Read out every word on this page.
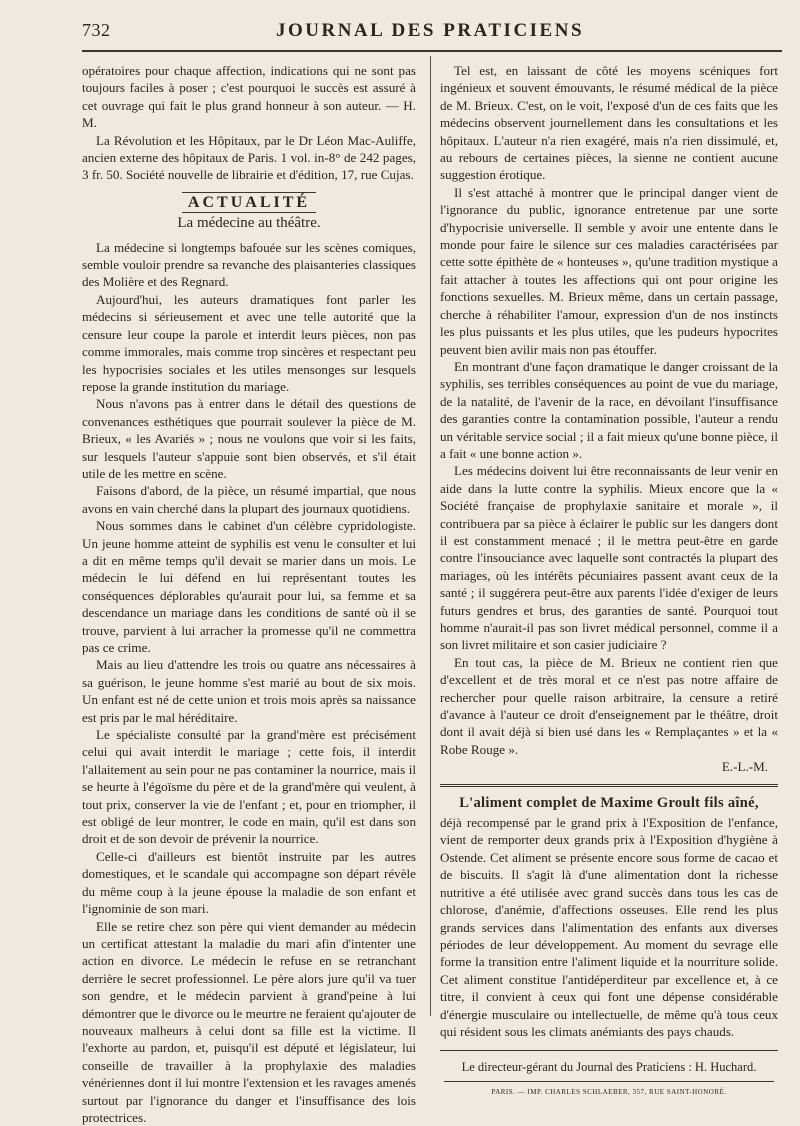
732	JOURNAL DES PRATICIENS

opératoires pour chaque affection, indications qui ne sont pas toujours faciles à poser ; c'est pourquoi le succès est assuré à cet ouvrage qui fait le plus grand honneur à son auteur. — H. M.

La Révolution et les Hôpitaux, par le Dr Léon Mac-Auliffe, ancien externe des hôpitaux de Paris. 1 vol. in-8° de 242 pages, 3 fr. 50. Société nouvelle de librairie et d'édition, 17, rue Cujas.

ACTUALITÉ
La médecine au théâtre.

La médecine si longtemps bafouée sur les scènes comiques, semble vouloir prendre sa revanche des plaisanteries classiques des Molière et des Regnard.

Aujourd'hui, les auteurs dramatiques font parler les médecins si sérieusement et avec une telle autorité que la censure leur coupe la parole et interdit leurs pièces, non pas comme immorales, mais comme trop sincères et respectant peu les hypocrisies sociales et les utiles mensonges sur lesquels repose la grande institution du mariage.

Nous n'avons pas à entrer dans le détail des questions de convenances esthétiques que pourrait soulever la pièce de M. Brieux, « les Avariés » ; nous ne voulons que voir si les faits, sur lesquels l'auteur s'appuie sont bien observés, et s'il était utile de les mettre en scène.

Faisons d'abord, de la pièce, un résumé impartial, que nous avons en vain cherché dans la plupart des journaux quotidiens.

Nous sommes dans le cabinet d'un célèbre cypridologiste. Un jeune homme atteint de syphilis est venu le consulter et lui a dit en même temps qu'il devait se marier dans un mois. Le médecin le lui défend en lui représentant toutes les conséquences déplorables qu'aurait pour lui, sa femme et sa descendance un mariage dans les conditions de santé où il se trouve, parvient à lui arracher la promesse qu'il ne commettra pas ce crime.

Mais au lieu d'attendre les trois ou quatre ans nécessaires à sa guérison, le jeune homme s'est marié au bout de six mois. Un enfant est né de cette union et trois mois après sa naissance est pris par le mal héréditaire.

Le spécialiste consulté par la grand'mère est précisément celui qui avait interdit le mariage ; cette fois, il interdit l'allaitement au sein pour ne pas contaminer la nourrice, mais il se heurte à l'égoïsme du père et de la grand'mère qui veulent, à tout prix, conserver la vie de l'enfant ; et, pour en triompher, il est obligé de leur montrer, le code en main, qu'il est dans son droit et de son devoir de prévenir la nourrice.

Celle-ci d'ailleurs est bientôt instruite par les autres domestiques, et le scandale qui accompagne son départ révèle du même coup à la jeune épouse la maladie de son enfant et l'ignominie de son mari.

Elle se retire chez son père qui vient demander au médecin un certificat attestant la maladie du mari afin d'intenter une action en divorce. Le médecin le refuse en se retranchant derrière le secret professionnel. Le père alors jure qu'il va tuer son gendre, et le médecin parvient à grand'peine à lui démontrer que le divorce ou le meurtre ne feraient qu'ajouter de nouveaux malheurs à celui dont sa fille est la victime. Il l'exhorte au pardon, et, puisqu'il est député et législateur, lui conseille de travailler à la prophylaxie des maladies vénériennes dont il lui montre l'extension et les ravages amenés surtout par l'ignorance du danger et l'insuffisance des lois protectrices.

Tel est, en laissant de côté les moyens scéniques fort ingénieux et souvent émouvants, le résumé médical de la pièce de M. Brieux. C'est, on le voit, l'exposé d'un de ces faits que les médecins observent journellement dans les consultations et les hôpitaux. L'auteur n'a rien exagéré, mais n'a rien dissimulé, et, au rebours de certaines pièces, la sienne ne contient aucune suggestion érotique.

Il s'est attaché à montrer que le principal danger vient de l'ignorance du public, ignorance entretenue par une sorte d'hypocrisie universelle. Il semble y avoir une entente dans le monde pour faire le silence sur ces maladies caractérisées par cette sotte épithète de « honteuses », qu'une tradition mystique a fait attacher à toutes les affections qui ont pour origine les fonctions sexuelles. M. Brieux même, dans un certain passage, cherche à réhabiliter l'amour, expression d'un de nos instincts les plus puissants et les plus utiles, que les pudeurs hypocrites peuvent bien avilir mais non pas étouffer.

En montrant d'une façon dramatique le danger croissant de la syphilis, ses terribles conséquences au point de vue du mariage, de la natalité, de l'avenir de la race, en dévoilant l'insuffisance des garanties contre la contamination possible, l'auteur a rendu un véritable service social ; il a fait mieux qu'une bonne pièce, il a fait « une bonne action ».

Les médecins doivent lui être reconnaissants de leur venir en aide dans la lutte contre la syphilis. Mieux encore que la « Société française de prophylaxie sanitaire et morale », il contribuera par sa pièce à éclairer le public sur les dangers dont il est constamment menacé ; il le mettra peut-être en garde contre l'insouciance avec laquelle sont contractés la plupart des mariages, où les intérêts pécuniaires passent avant ceux de la santé ; il suggérera peut-être aux parents l'idée d'exiger de leurs futurs gendres et brus, des garanties de santé. Pourquoi tout homme n'aurait-il pas son livret médical personnel, comme il a son livret militaire et son casier judiciaire ?

En tout cas, la pièce de M. Brieux ne contient rien que d'excellent et de très moral et ce n'est pas notre affaire de rechercher pour quelle raison arbitraire, la censure a retiré d'avance à l'auteur ce droit d'enseignement par le théâtre, droit dont il avait déjà si bien usé dans les « Remplaçantes » et la « Robe Rouge ».

E.-L.-M.
L'aliment complet de Maxime Groult fils aîné,

déjà recompensé par le grand prix à l'Exposition de l'enfance, vient de remporter deux grands prix à l'Exposition d'hygiène à Ostende. Cet aliment se présente encore sous forme de cacao et de biscuits. Il s'agit là d'une alimentation dont la richesse nutritive a été utilisée avec grand succès dans tous les cas de chlorose, d'anémie, d'affections osseuses. Elle rend les plus grands services dans l'alimentation des enfants aux diverses périodes de leur développement. Au moment du sevrage elle forme la transition entre l'aliment liquide et la nourriture solide. Cet aliment constitue l'antidéperditeur par excellence et, à ce titre, il convient à ceux qui font une dépense considérable d'énergie musculaire ou intellectuelle, de même qu'à tous ceux qui résident sous les climats anémiants des pays chauds.

Le directeur-gérant du Journal des Praticiens : H. Huchard.
PARIS. — IMP. CHARLES SCHLAEBER, 357, RUE SAINT-HONORÉ.
